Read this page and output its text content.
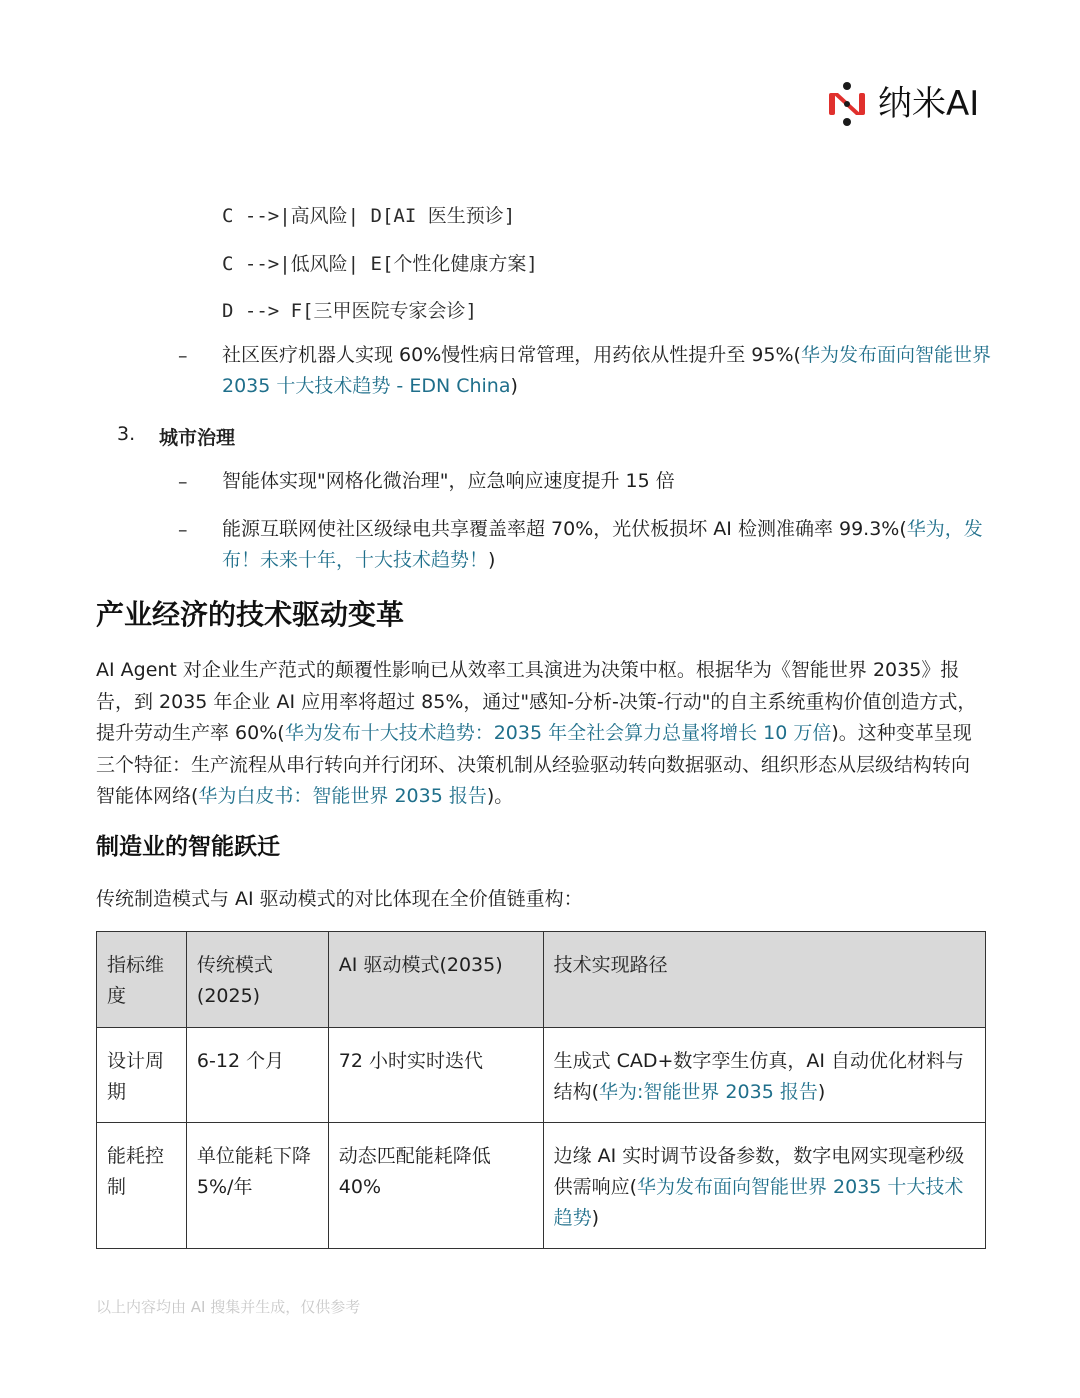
纳米AI
C -->|高风险| D[AI 医生预诊]
C -->|低风险| E[个性化健康方案]
D --> F[三甲医院专家会诊]
– 社区医疗机器人实现 60%慢性病日常管理，用药依从性提升至 95%(华为发布面向智能世界 2035 十大技术趋势 - EDN China)
3. 城市治理
– 智能体实现"网格化微治理"，应急响应速度提升 15 倍
– 能源互联网使社区级绿电共享覆盖率超 70%，光伏板损坏 AI 检测准确率 99.3%(华为，发布！未来十年，十大技术趋势！)
产业经济的技术驱动变革
AI Agent 对企业生产范式的颠覆性影响已从效率工具演进为决策中枢。根据华为《智能世界 2035》报告，到 2035 年企业 AI 应用率将超过 85%，通过"感知-分析-决策-行动"的自主系统重构价值创造方式，提升劳动生产率 60%(华为发布十大技术趋势：2035 年全社会算力总量将增长 10 万倍)。这种变革呈现三个特征：生产流程从串行转向并行闭环、决策机制从经验驱动转向数据驱动、组织形态从层级结构转向智能体网络(华为白皮书：智能世界 2035 报告)。
制造业的智能跃迁
传统制造模式与 AI 驱动模式的对比体现在全价值链重构：
指标维度	传统模式(2025)	AI 驱动模式(2035)	技术实现路径
设计周期	6-12 个月	72 小时实时迭代	生成式 CAD+数字孪生仿真，AI 自动优化材料与结构(华为:智能世界 2035 报告)
能耗控制	单位能耗下降 5%/年	动态匹配能耗降低 40%	边缘 AI 实时调节设备参数，数字电网实现毫秒级供需响应(华为发布面向智能世界 2035 十大技术趋势)
以上内容均由 AI 搜集并生成，仅供参考
